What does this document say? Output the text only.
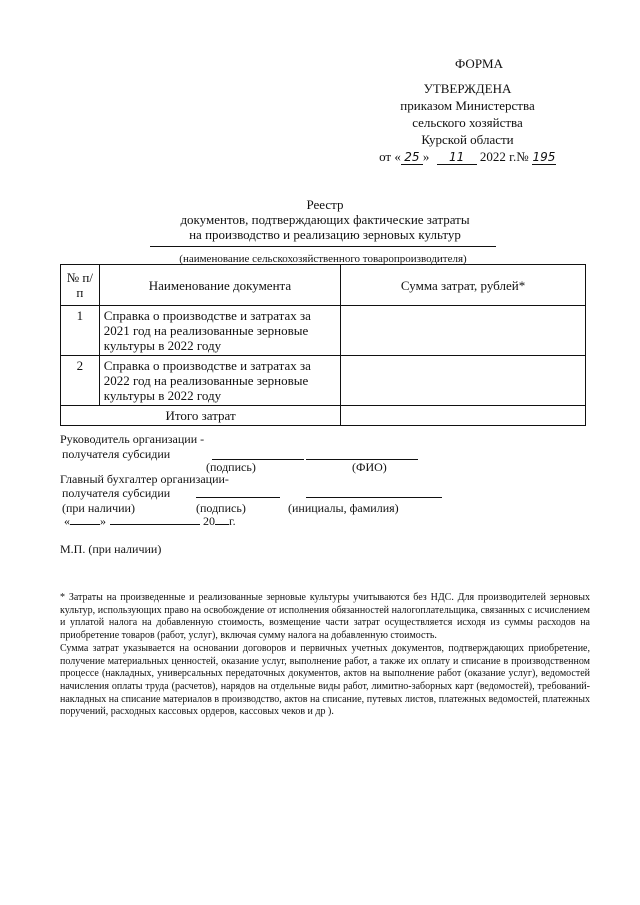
ФОРМА
УТВЕРЖДЕНА
приказом Министерства
сельского хозяйства
Курской области
от « 25 » 11 2022 г.№ 195
Реестр
документов, подтверждающих фактические затраты
на производство и реализацию зерновых культур
(наименование сельскохозяйственного товаропроизводителя)
№ п/п	Наименование документа	Сумма затрат, рублей*
1	Справка о производстве и затратах за 2021 год на реализованные зерновые культуры в 2022 году	
2	Справка о производстве и затратах за 2022 год на реализованные зерновые культуры в 2022 году	
Итого затрат		
Руководитель организации -
получателя субсидии
(подпись)	(ФИО)
Главный бухгалтер организации-
получателя субсидии
(при наличии)	(подпись)	(инициалы, фамилия)
«	»	20 г.
М.П. (при наличии)

* Затраты на произведенные и реализованные зерновые культуры учитываются без НДС. Для производителей зерновых культур, использующих право на освобождение от исполнения обязанностей налогоплательщика, связанных с исчислением и уплатой налога на добавленную стоимость, возмещение части затрат осуществляется исходя из суммы расходов на приобретение товаров (работ, услуг), включая сумму налога на добавленную стоимость.

Сумма затрат указывается на основании договоров и первичных учетных документов, подтверждающих приобретение, получение материальных ценностей, оказание услуг, выполнение работ, а также их оплату и списание в производственном процессе (накладных, универсальных передаточных документов, актов на выполнение работ (оказание услуг), ведомостей начисления оплаты труда (расчетов), нарядов на отдельные виды работ, лимитно-заборных карт (ведомостей), требований-накладных на списание материалов в производство, актов на списание, путевых листов, платежных ведомостей, платежных поручений, расходных кассовых ордеров, кассовых чеков и др ).
